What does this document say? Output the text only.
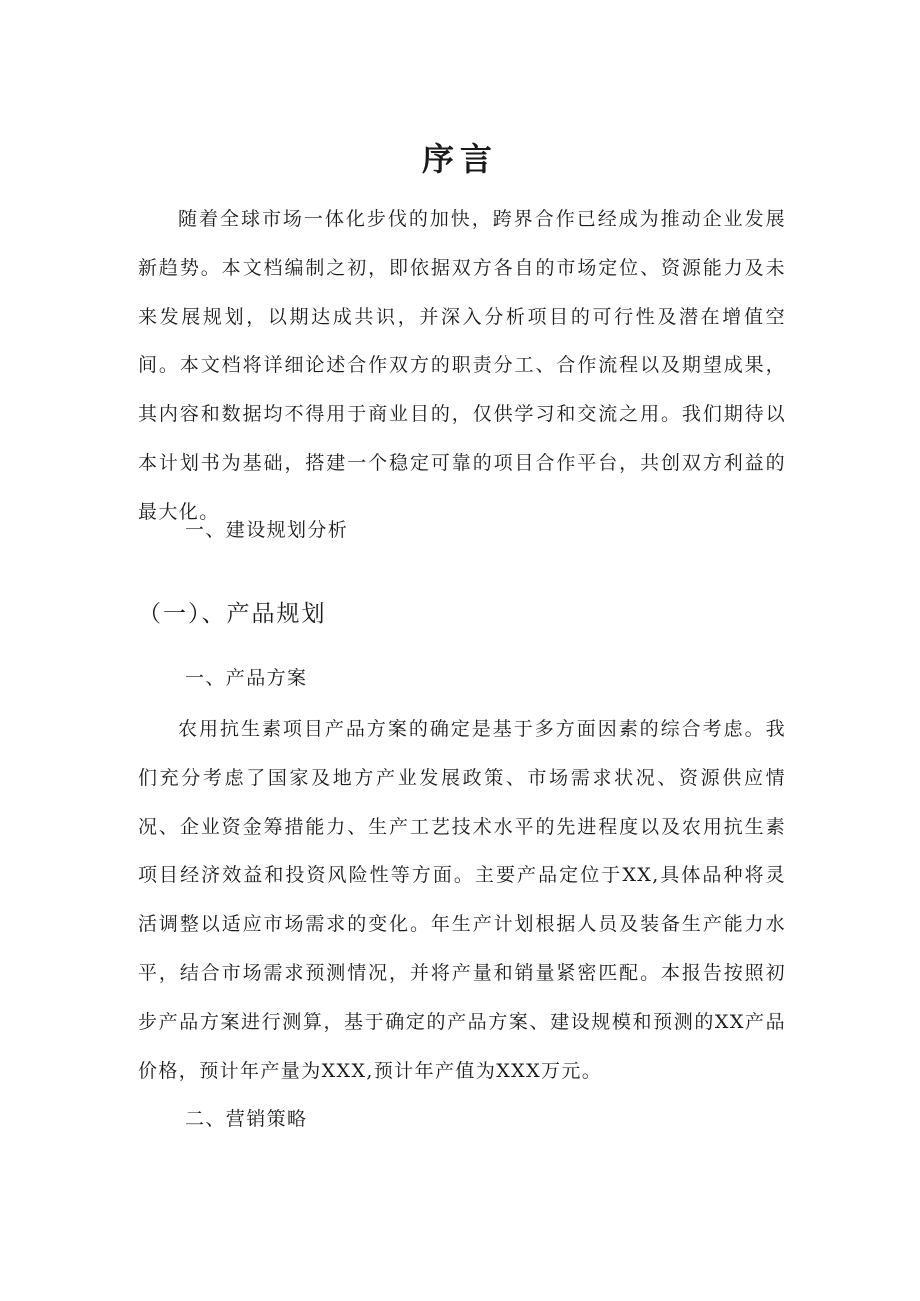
序言

随着全球市场一体化步伐的加快，跨界合作已经成为推动企业发展新趋势。本文档编制之初，即依据双方各自的市场定位、资源能力及未来发展规划，以期达成共识，并深入分析项目的可行性及潜在增值空间。本文档将详细论述合作双方的职责分工、合作流程以及期望成果，其内容和数据均不得用于商业目的，仅供学习和交流之用。我们期待以本计划书为基础，搭建一个稳定可靠的项目合作平台，共创双方利益的最大化。

一、建设规划分析

（一）、产品规划

一、产品方案

农用抗生素项目产品方案的确定是基于多方面因素的综合考虑。我们充分考虑了国家及地方产业发展政策、市场需求状况、资源供应情况、企业资金筹措能力、生产工艺技术水平的先进程度以及农用抗生素项目经济效益和投资风险性等方面。主要产品定位于XX,具体品种将灵活调整以适应市场需求的变化。年生产计划根据人员及装备生产能力水平，结合市场需求预测情况，并将产量和销量紧密匹配。本报告按照初步产品方案进行测算，基于确定的产品方案、建设规模和预测的XX产品价格，预计年产量为XXX,预计年产值为XXX万元。

二、营销策略
